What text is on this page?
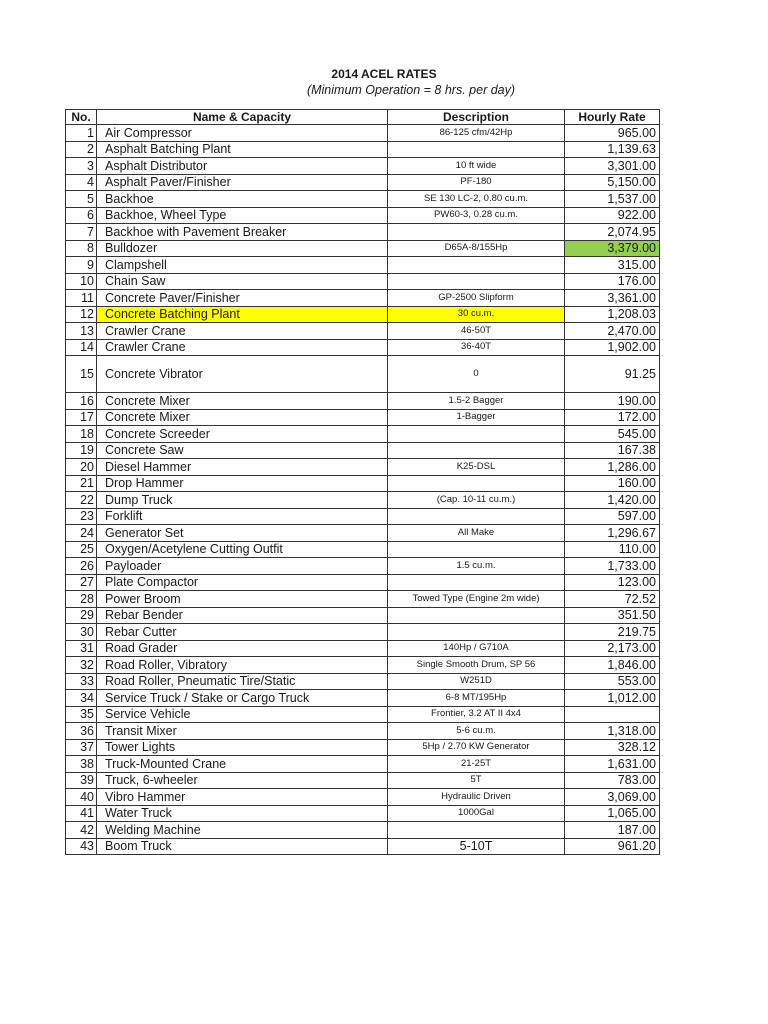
2014 ACEL RATES
(Minimum Operation = 8 hrs. per day)
No.	Name & Capacity	Description	Hourly Rate
1	Air Compressor	86-125 cfm/42Hp	965.00
2	Asphalt Batching Plant		1,139.63
3	Asphalt Distributor	10 ft wide	3,301.00
4	Asphalt Paver/Finisher	PF-180	5,150.00
5	Backhoe	SE 130 LC-2, 0.80 cu.m.	1,537.00
6	Backhoe, Wheel Type	PW60-3, 0.28 cu.m.	922.00
7	Backhoe with Pavement Breaker		2,074.95
8	Bulldozer	D65A-8/155Hp	3,379.00
9	Clampshell		315.00
10	Chain Saw		176.00
11	Concrete Paver/Finisher	GP-2500 Slipform	3,361.00
12	Concrete Batching Plant	30 cu.m.	1,208.03
13	Crawler Crane	46-50T	2,470.00
14	Crawler Crane	36-40T	1,902.00
15	Concrete Vibrator	0	91.25
16	Concrete Mixer	1.5-2 Bagger	190.00
17	Concrete Mixer	1-Bagger	172.00
18	Concrete Screeder		545.00
19	Concrete Saw		167.38
20	Diesel Hammer	K25-DSL	1,286.00
21	Drop Hammer		160.00
22	Dump Truck	(Cap. 10-11 cu.m.)	1,420.00
23	Forklift		597.00
24	Generator Set	All Make	1,296.67
25	Oxygen/Acetylene Cutting Outfit		110.00
26	Payloader	1.5 cu.m.	1,733.00
27	Plate Compactor		123.00
28	Power Broom	Towed Type (Engine 2m wide)	72.52
29	Rebar Bender		351.50
30	Rebar Cutter		219.75
31	Road Grader	140Hp / G710A	2,173.00
32	Road Roller, Vibratory	Single Smooth Drum, SP 56	1,846.00
33	Road Roller, Pneumatic Tire/Static	W251D	553.00
34	Service Truck / Stake or Cargo Truck	6-8 MT/195Hp	1,012.00
35	Service Vehicle	Frontier, 3.2 AT II 4x4	
36	Transit Mixer	5-6 cu.m.	1,318.00
37	Tower Lights	5Hp / 2.70 KW Generator	328.12
38	Truck-Mounted Crane	21-25T	1,631.00
39	Truck, 6-wheeler	5T	783.00
40	Vibro Hammer	Hydraulic Driven	3,069.00
41	Water Truck	1000Gal	1,065.00
42	Welding Machine		187.00
43	Boom Truck	5-10T	961.20
